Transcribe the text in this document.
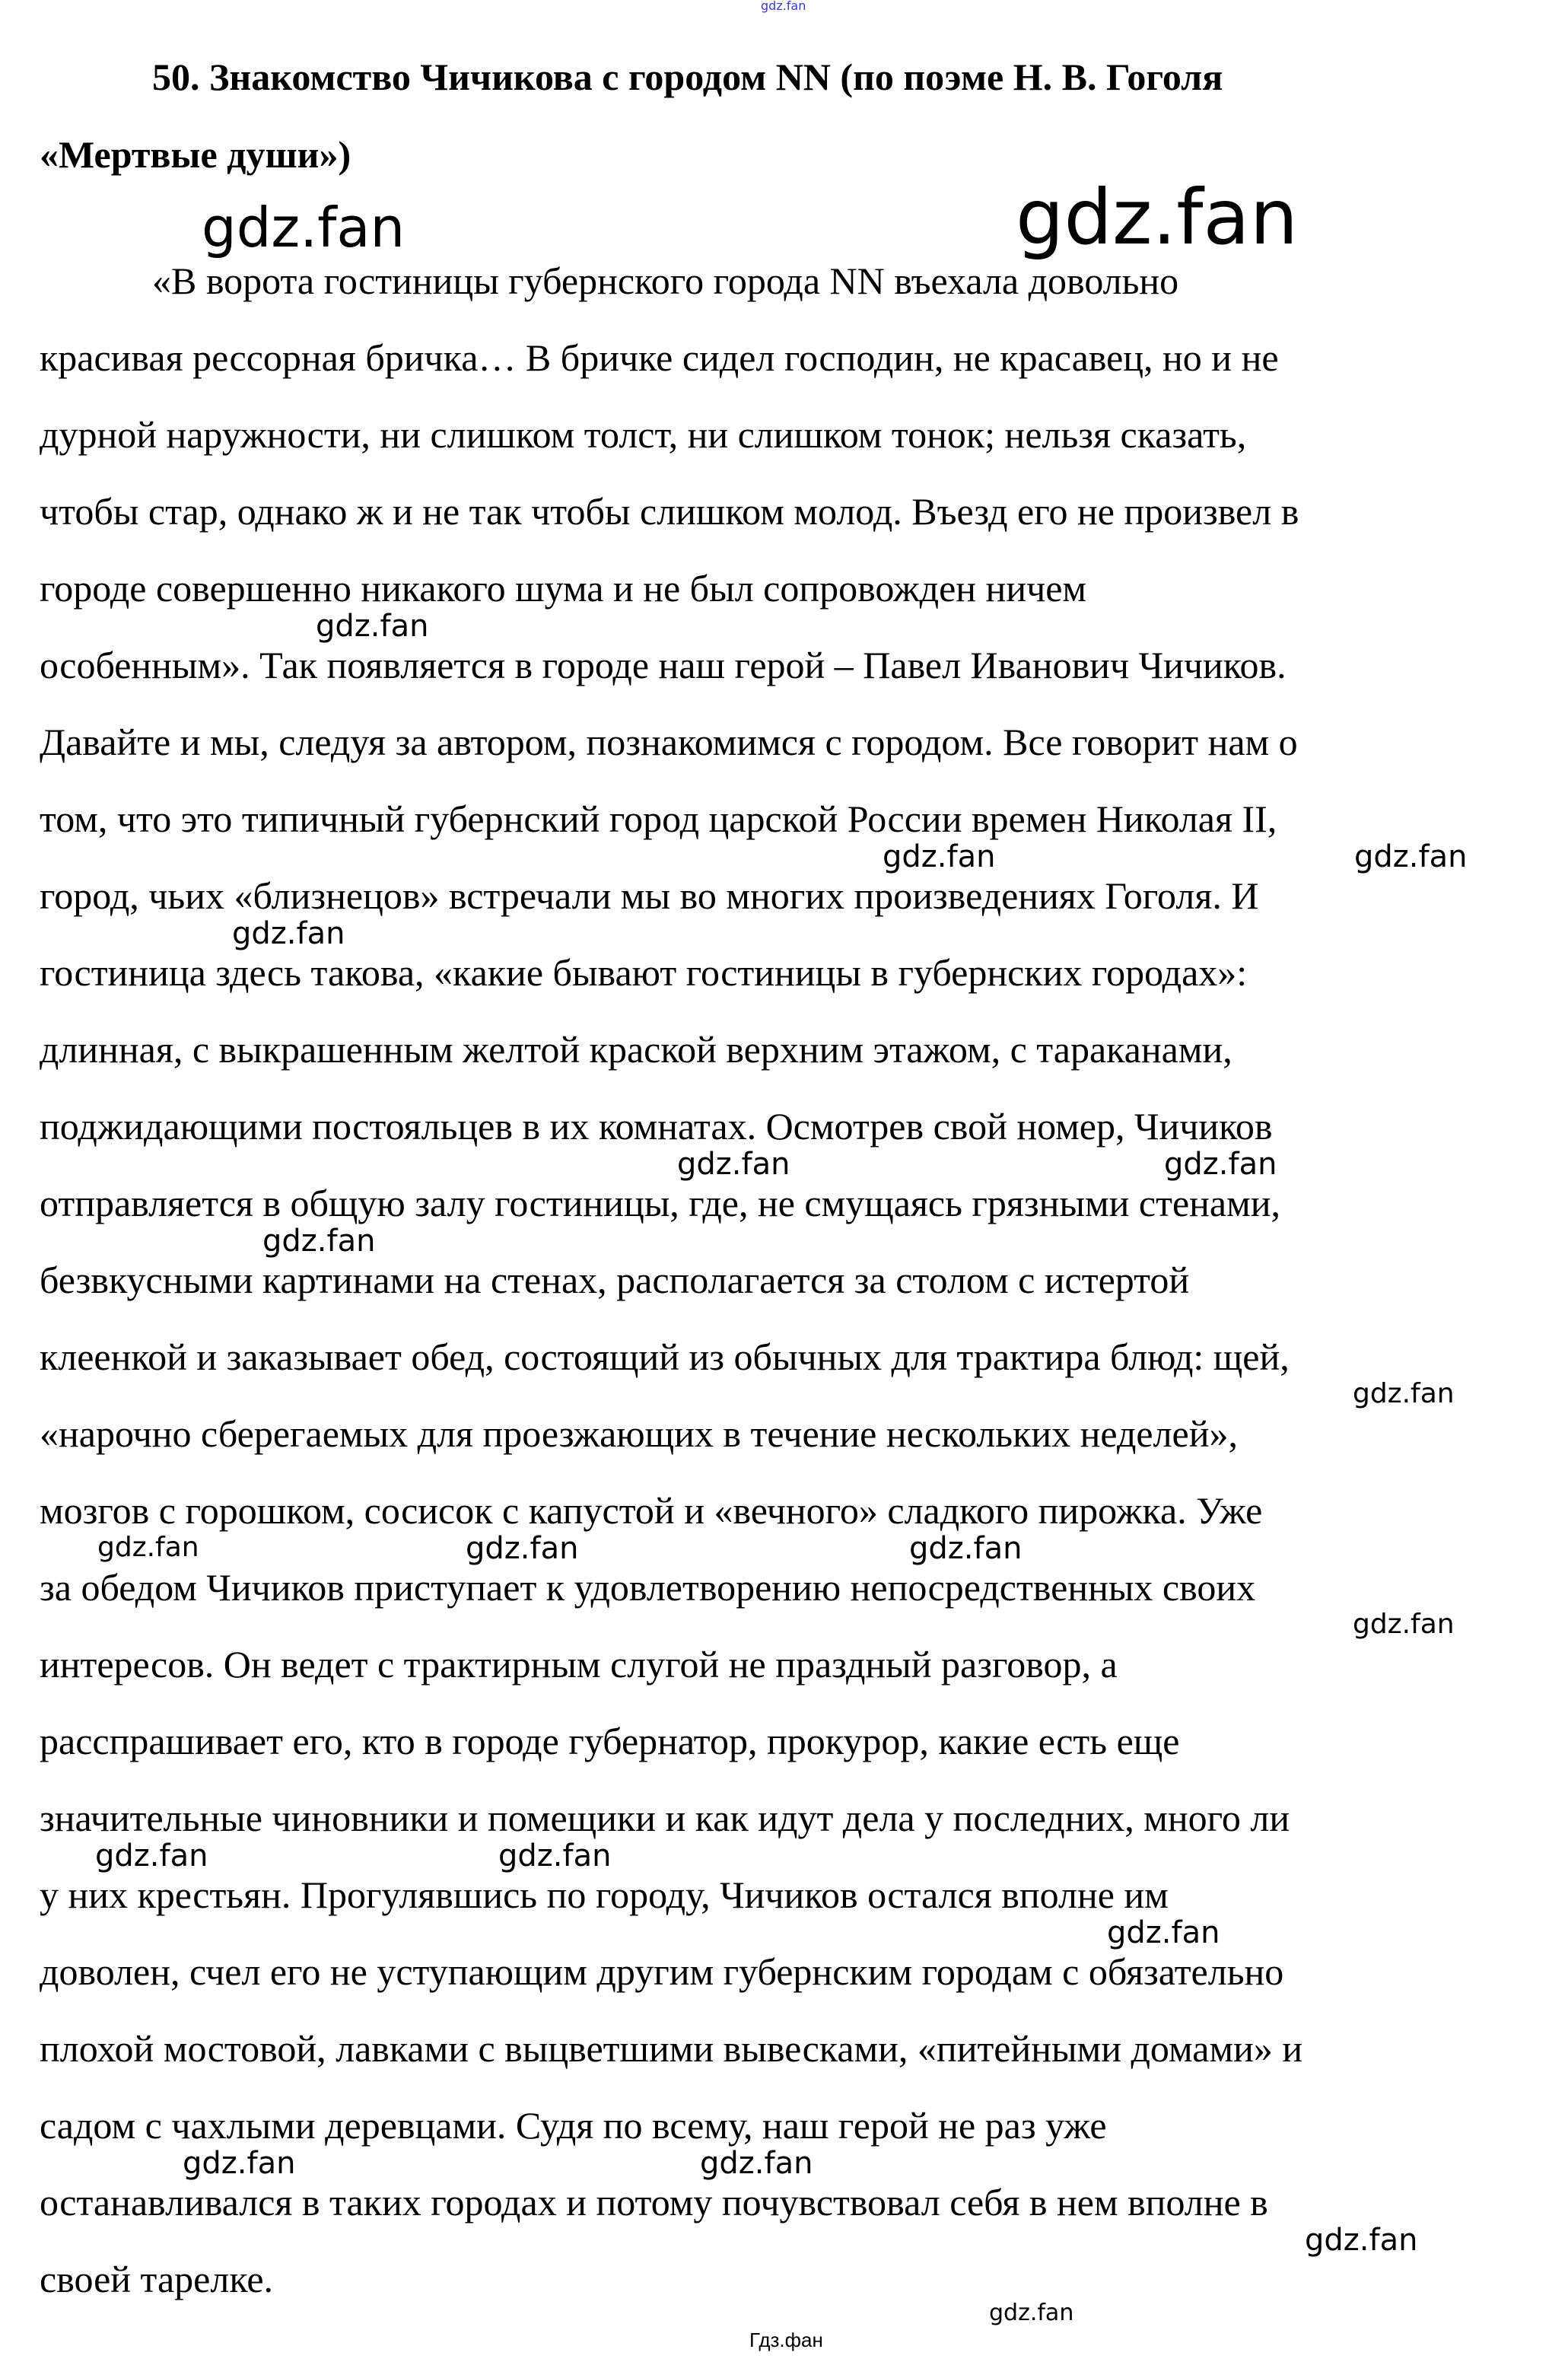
gdz.fan
50. Знакомство Чичикова с городом NN (по поэме Н. В. Гоголя
«Мертвые души»)
«В ворота гостиницы губернского города NN въехала довольно
красивая рессорная бричка… В бричке сидел господин, не красавец, но и не
дурной наружности, ни слишком толст, ни слишком тонок; нельзя сказать,
чтобы стар, однако ж и не так чтобы слишком молод. Въезд его не произвел в
городе совершенно никакого шума и не был сопровожден ничем
особенным». Так появляется в городе наш герой – Павел Иванович Чичиков.
Давайте и мы, следуя за автором, познакомимся с городом. Все говорит нам о
том, что это типичный губернский город царской России времен Николая II,
город, чьих «близнецов» встречали мы во многих произведениях Гоголя. И
гостиница здесь такова, «какие бывают гостиницы в губернских городах»:
длинная, с выкрашенным желтой краской верхним этажом, с тараканами,
поджидающими постояльцев в их комнатах. Осмотрев свой номер, Чичиков
отправляется в общую залу гостиницы, где, не смущаясь грязными стенами,
безвкусными картинами на стенах, располагается за столом с истертой
клеенкой и заказывает обед, состоящий из обычных для трактира блюд: щей,
«нарочно сберегаемых для проезжающих в течение нескольких неделей»,
мозгов с горошком, сосисок с капустой и «вечного» сладкого пирожка. Уже
за обедом Чичиков приступает к удовлетворению непосредственных своих
интересов. Он ведет с трактирным слугой не праздный разговор, а
расспрашивает его, кто в городе губернатор, прокурор, какие есть еще
значительные чиновники и помещики и как идут дела у последних, много ли
у них крестьян. Прогулявшись по городу, Чичиков остался вполне им
доволен, счел его не уступающим другим губернским городам с обязательно
плохой мостовой, лавками с выцветшими вывесками, «питейными домами» и
садом с чахлыми деревцами. Судя по всему, наш герой не раз уже
останавливался в таких городах и потому почувствовал себя в нем вполне в
своей тарелке.
gdz.fan	gdz.fan
gdz.fan
gdz.fan	gdz.fan
gdz.fan
gdz.fan	gdz.fan
gdz.fan
gdz.fan
gdz.fan	gdz.fan	gdz.fan
gdz.fan
gdz.fan	gdz.fan
gdz.fan
gdz.fan	gdz.fan
gdz.fan
gdz.fan
Гдз.фан
